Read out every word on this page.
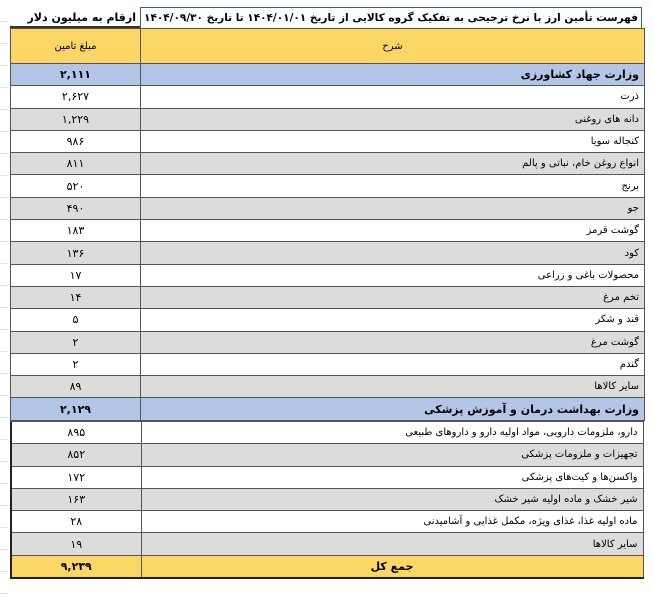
ارقام به میلیون دلار فهرست تأمین ارز با نرخ ترجیحی به تفکیک گروه کالایی از تاریخ ۱۴۰۴/۰۱/۰۱ تا تاریخ ۱۴۰۴/۰۹/۳۰
شرح	مبلغ تامین
وزارت جهاد کشاورزی	۲,۱۱۱
ذرت	۲,۶۲۷
دانه های روغنی	۱,۲۲۹
کنجاله سویا	۹۸۶
انواع روغن خام، نباتی و پالم	۸۱۱
برنج	۵۲۰
جو	۴۹۰
گوشت قرمز	۱۸۳
کود	۱۳۶
محصولات باغی و زراعی	۱۷
تخم مرغ	۱۴
قند و شکر	۵
گوشت مرغ	۲
گندم	۲
سایر کالاها	۸۹
وزارت بهداشت درمان و آموزش پزشکی	۲,۱۲۹
دارو، ملزومات دارویی، مواد اولیه دارو و داروهای طبیعی	۸۹۵
تجهیزات و ملزومات پزشکی	۸۵۲
واکسن‌ها و کیت‌های پزشکی	۱۷۲
شیر خشک و ماده اولیه شیر خشک	۱۶۳
ماده اولیه غذا، غذای ویژه، مکمل غذایی و آشامیدنی	۲۸
سایر کالاها	۱۹
جمع کل	۹,۲۳۹
